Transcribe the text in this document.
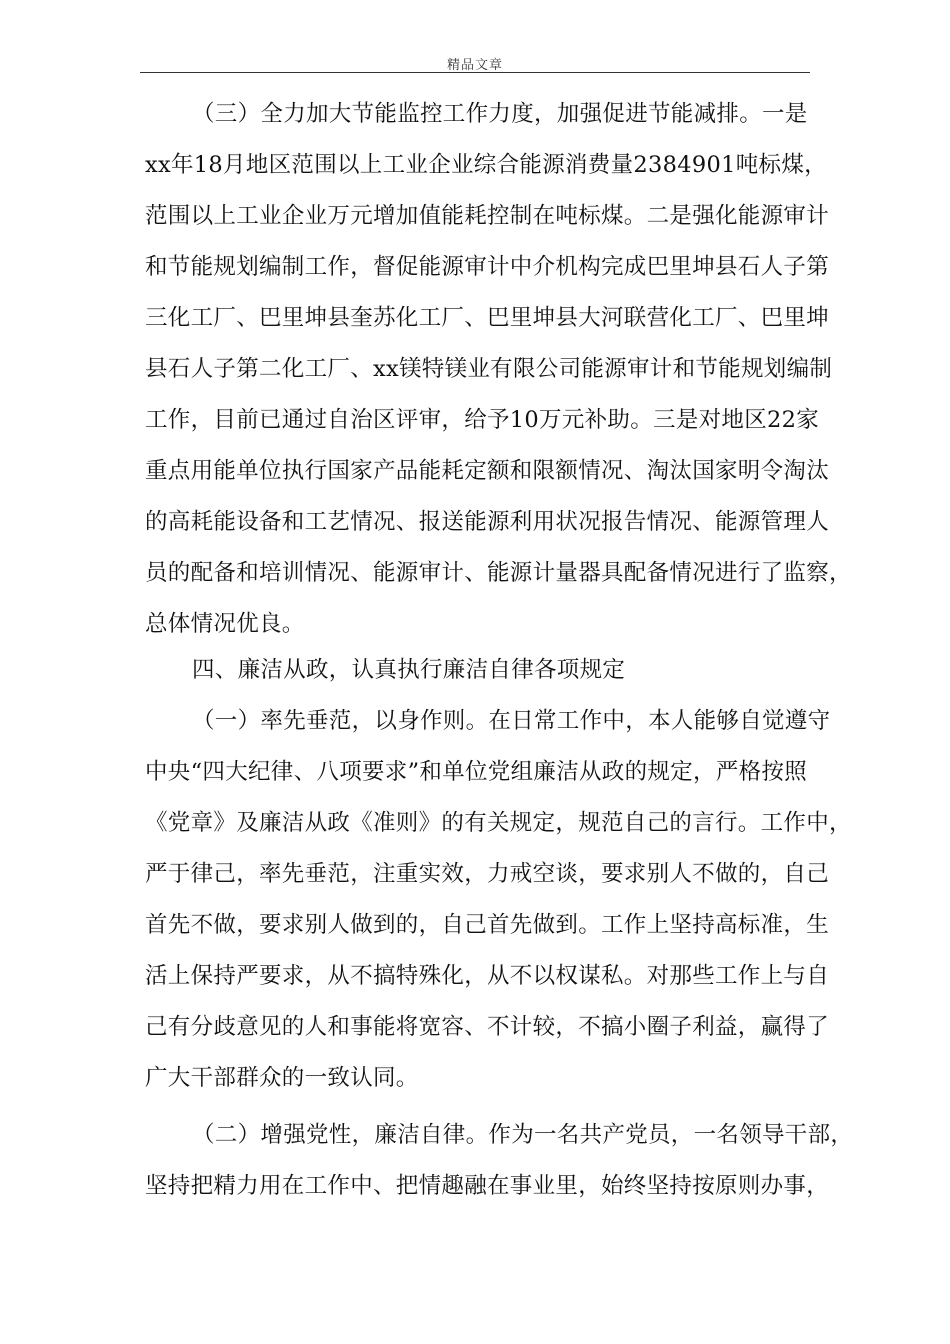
精品文章
（三）全力加大节能监控工作力度，加强促进节能减排。一是
xx年18月地区范围以上工业企业综合能源消费量2384901吨标煤，
范围以上工业企业万元增加值能耗控制在吨标煤。二是强化能源审计
和节能规划编制工作，督促能源审计中介机构完成巴里坤县石人子第
三化工厂、巴里坤县奎苏化工厂、巴里坤县大河联营化工厂、巴里坤
县石人子第二化工厂、xx镁特镁业有限公司能源审计和节能规划编制
工作，目前已通过自治区评审，给予10万元补助。三是对地区22家
重点用能单位执行国家产品能耗定额和限额情况、淘汰国家明令淘汰
的高耗能设备和工艺情况、报送能源利用状况报告情况、能源管理人
员的配备和培训情况、能源审计、能源计量器具配备情况进行了监察，
总体情况优良。
四、廉洁从政，认真执行廉洁自律各项规定
（一）率先垂范，以身作则。在日常工作中，本人能够自觉遵守
中央“四大纪律、八项要求”和单位党组廉洁从政的规定，严格按照
《党章》及廉洁从政《准则》的有关规定，规范自己的言行。工作中，
严于律己，率先垂范，注重实效，力戒空谈，要求别人不做的，自己
首先不做，要求别人做到的，自己首先做到。工作上坚持高标准，生
活上保持严要求，从不搞特殊化，从不以权谋私。对那些工作上与自
己有分歧意见的人和事能将宽容、不计较，不搞小圈子利益，赢得了
广大干部群众的一致认同。
（二）增强党性，廉洁自律。作为一名共产党员，一名领导干部，
坚持把精力用在工作中、把情趣融在事业里，始终坚持按原则办事，
